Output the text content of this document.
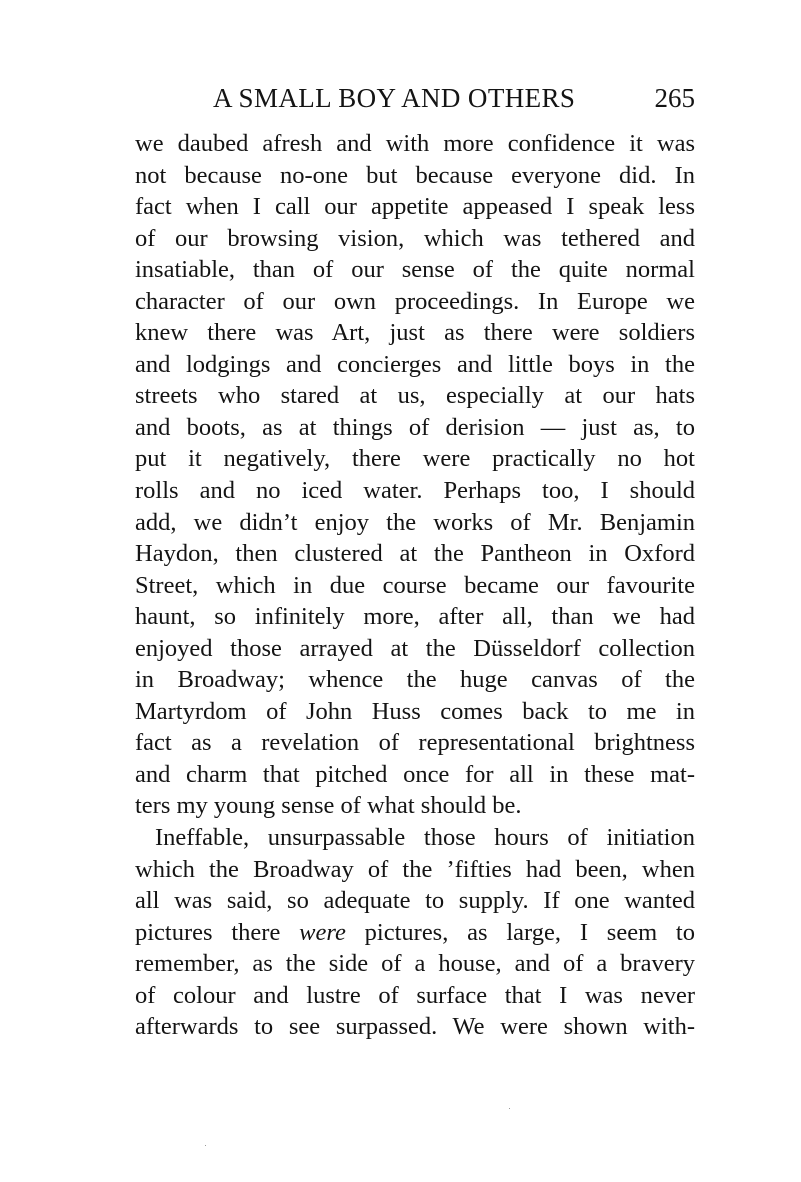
A SMALL BOY AND OTHERS	265
we daubed afresh and with more confidence it was
not because no-one but because everyone did. In
fact when I call our appetite appeased I speak less
of our browsing vision, which was tethered and
insatiable, than of our sense of the quite normal
character of our own proceedings. In Europe we
knew there was Art, just as there were soldiers
and lodgings and concierges and little boys in the
streets who stared at us, especially at our hats
and boots, as at things of derision — just as, to
put it negatively, there were practically no hot
rolls and no iced water. Perhaps too, I should
add, we didn’t enjoy the works of Mr. Benjamin
Haydon, then clustered at the Pantheon in Oxford
Street, which in due course became our favourite
haunt, so infinitely more, after all, than we had
enjoyed those arrayed at the Düsseldorf collection
in Broadway; whence the huge canvas of the
Martyrdom of John Huss comes back to me in
fact as a revelation of representational brightness
and charm that pitched once for all in these mat-
ters my young sense of what should be.
Ineffable, unsurpassable those hours of initiation
which the Broadway of the ’fifties had been, when
all was said, so adequate to supply. If one wanted
pictures there were pictures, as large, I seem to
remember, as the side of a house, and of a bravery
of colour and lustre of surface that I was never
afterwards to see surpassed. We were shown with-
